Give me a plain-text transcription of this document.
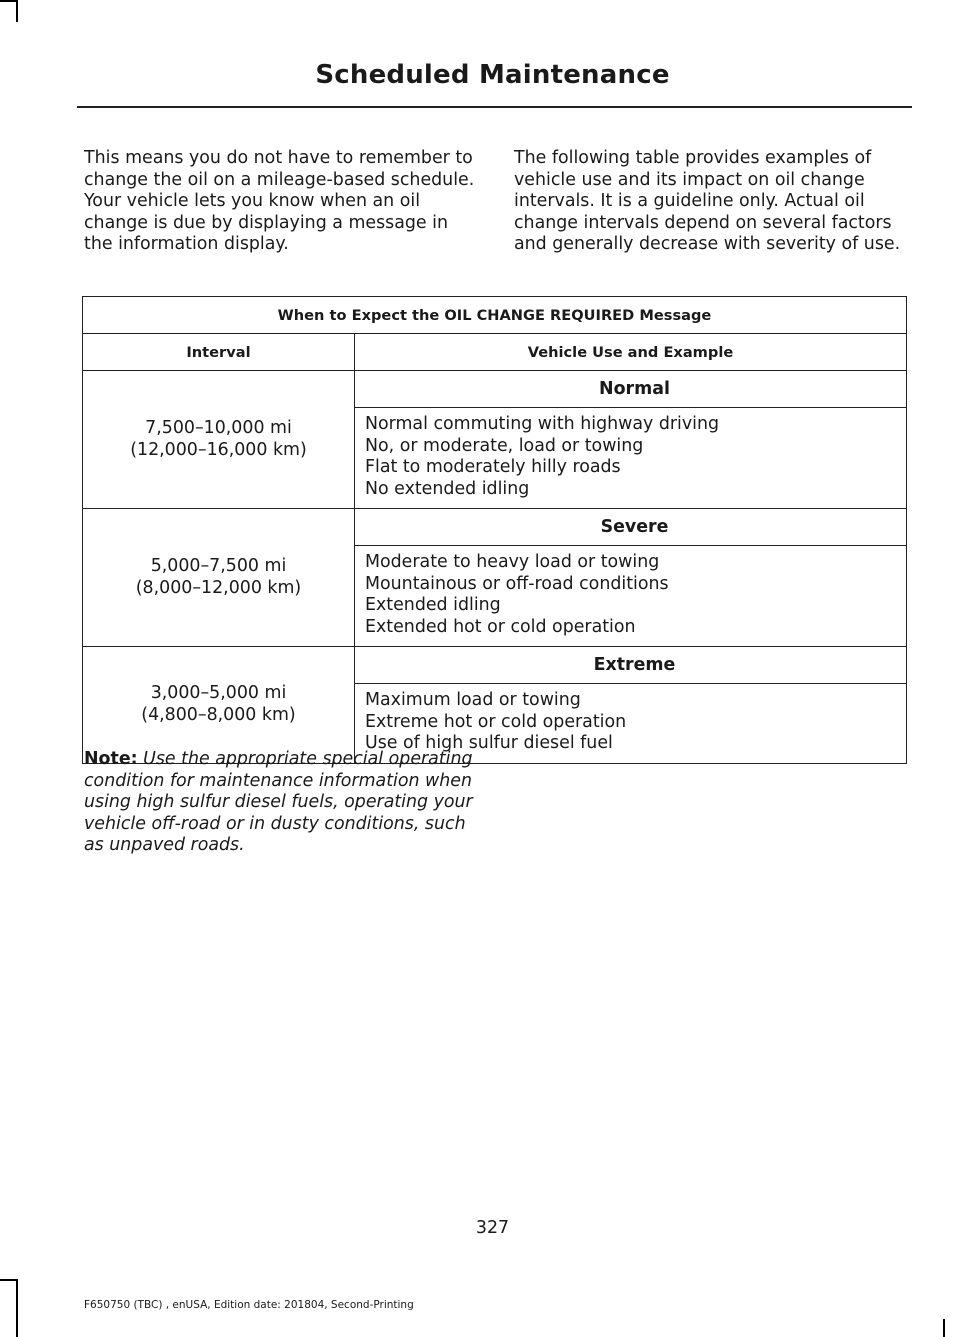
Scheduled Maintenance

This means you do not have to remember to change the oil on a mileage-based schedule. Your vehicle lets you know when an oil change is due by displaying a message in the information display.

The following table provides examples of vehicle use and its impact on oil change intervals. It is a guideline only. Actual oil change intervals depend on several factors and generally decrease with severity of use.

When to Expect the OIL CHANGE REQUIRED Message	
Interval	Vehicle Use and Example

7,500–10,000 mi
(12,000–16,000 km)	Normal

	Normal commuting with highway driving
No, or moderate, load or towing
Flat to moderately hilly roads
No extended idling

5,000–7,500 mi
(8,000–12,000 km)	Severe

	Moderate to heavy load or towing
Mountainous or off-road conditions
Extended idling
Extended hot or cold operation

3,000–5,000 mi
(4,800–8,000 km)	Extreme

	Maximum load or towing
Extreme hot or cold operation
Use of high sulfur diesel fuel
Note: Use the appropriate special operating condition for maintenance information when using high sulfur diesel fuels, operating your vehicle off-road or in dusty conditions, such as unpaved roads.
327
F650750 (TBC) , enUSA, Edition date: 201804, Second-Printing
